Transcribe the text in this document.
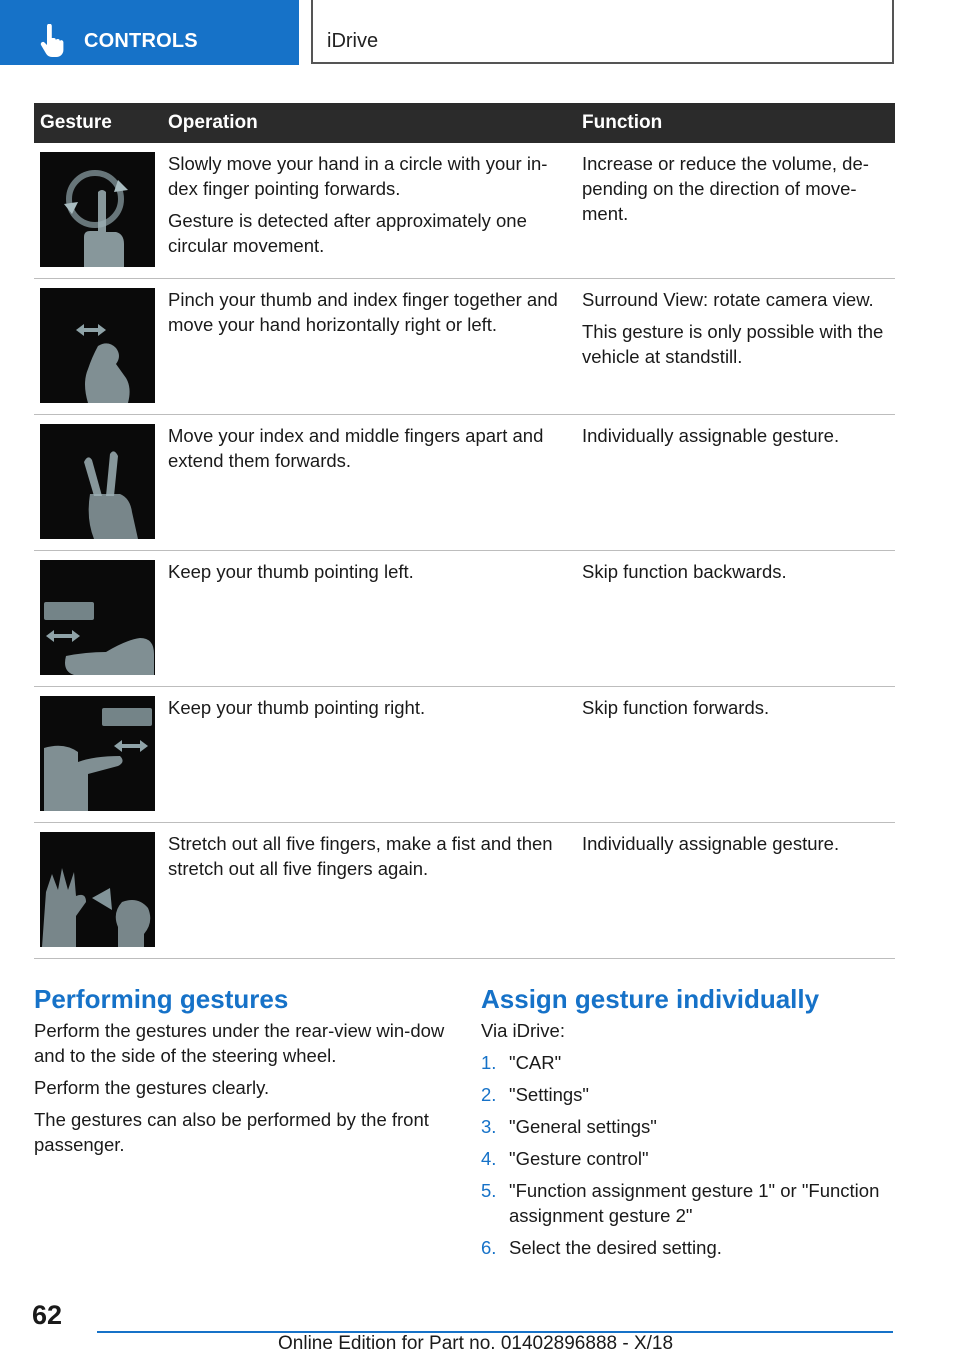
CONTROLS	iDrive
Gesture	Operation	Function

Slowly move your hand in a circle with your in-dex finger pointing forwards.

Gesture is detected after approximately one circular movement.	Increase or reduce the volume, de-pending on the direction of move-ment.

Pinch your thumb and index finger together and move your hand horizontally right or left.	Surround View: rotate camera view.

This gesture is only possible with the vehicle at standstill.

Move your index and middle fingers apart and extend them forwards.	Individually assignable gesture.

Keep your thumb pointing left.	Skip function backwards.

Keep your thumb pointing right.	Skip function forwards.

Stretch out all five fingers, make a fist and then stretch out all five fingers again.	Individually assignable gesture.

Performing gestures

Perform the gestures under the rear-view win-dow and to the side of the steering wheel.

Perform the gestures clearly.

The gestures can also be performed by the front passenger.

Assign gesture individually

Via iDrive:

1. "CAR"
2. "Settings"
3. "General settings"
4. "Gesture control"
5. "Function assignment gesture 1" or "Function assignment gesture 2"
6. Select the desired setting.
62
Online Edition for Part no. 01402896888 - X/18
